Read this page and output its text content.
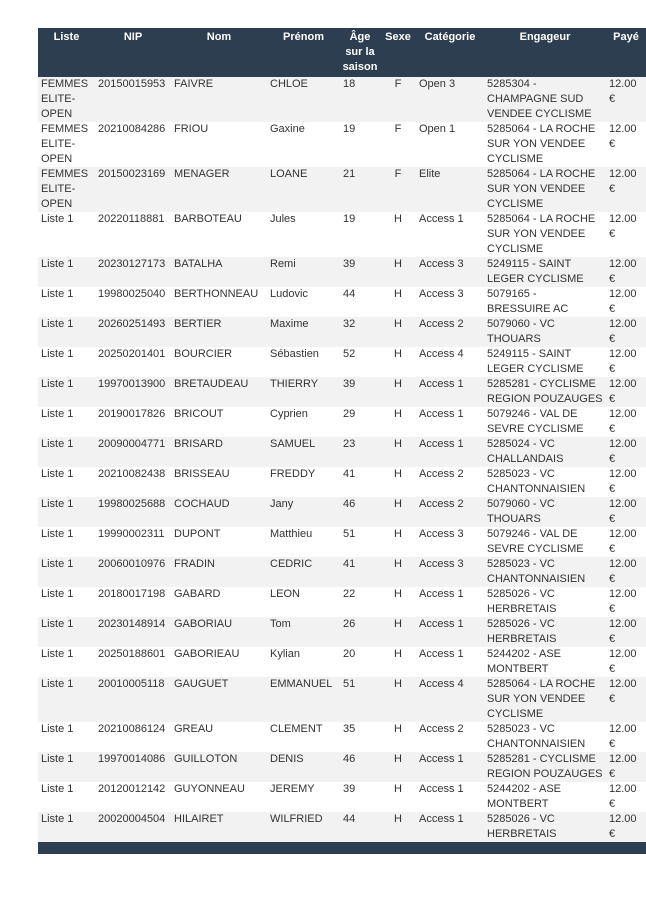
Liste	NIP	Nom	Prénom	Âge sur la saison	Sexe	Catégorie	Engageur	Payé
FEMMES ELITE-OPEN	20150015953	FAIVRE	CHLOE	18	F	Open 3	5285304 - CHAMPAGNE SUD VENDEE CYCLISME	12.00 €
FEMMES ELITE-OPEN	20210084286	FRIOU	Gaxine	19	F	Open 1	5285064 - LA ROCHE SUR YON VENDEE CYCLISME	12.00 €
FEMMES ELITE-OPEN	20150023169	MENAGER	LOANE	21	F	Elite	5285064 - LA ROCHE SUR YON VENDEE CYCLISME	12.00 €
Liste 1	20220118881	BARBOTEAU	Jules	19	H	Access 1	5285064 - LA ROCHE SUR YON VENDEE CYCLISME	12.00 €
Liste 1	20230127173	BATALHA	Remi	39	H	Access 3	5249115 - SAINT LEGER CYCLISME	12.00 €
Liste 1	19980025040	BERTHONNEAU	Ludovic	44	H	Access 3	5079165 - BRESSUIRE AC	12.00 €
Liste 1	20260251493	BERTIER	Maxime	32	H	Access 2	5079060 - VC THOUARS	12.00 €
Liste 1	20250201401	BOURCIER	Sébastien	52	H	Access 4	5249115 - SAINT LEGER CYCLISME	12.00 €
Liste 1	19970013900	BRETAUDEAU	THIERRY	39	H	Access 1	5285281 - CYCLISME REGION POUZAUGES	12.00 €
Liste 1	20190017826	BRICOUT	Cyprien	29	H	Access 1	5079246 - VAL DE SEVRE CYCLISME	12.00 €
Liste 1	20090004771	BRISARD	SAMUEL	23	H	Access 1	5285024 - VC CHALLANDAIS	12.00 €
Liste 1	20210082438	BRISSEAU	FREDDY	41	H	Access 2	5285023 - VC CHANTONNAISIEN	12.00 €
Liste 1	19980025688	COCHAUD	Jany	46	H	Access 2	5079060 - VC THOUARS	12.00 €
Liste 1	19990002311	DUPONT	Matthieu	51	H	Access 3	5079246 - VAL DE SEVRE CYCLISME	12.00 €
Liste 1	20060010976	FRADIN	CEDRIC	41	H	Access 3	5285023 - VC CHANTONNAISIEN	12.00 €
Liste 1	20180017198	GABARD	LEON	22	H	Access 1	5285026 - VC HERBRETAIS	12.00 €
Liste 1	20230148914	GABORIAU	Tom	26	H	Access 1	5285026 - VC HERBRETAIS	12.00 €
Liste 1	20250188601	GABORIEAU	Kylian	20	H	Access 1	5244202 - ASE MONTBERT	12.00 €
Liste 1	20010005118	GAUGUET	EMMANUEL	51	H	Access 4	5285064 - LA ROCHE SUR YON VENDEE CYCLISME	12.00 €
Liste 1	20210086124	GREAU	CLEMENT	35	H	Access 2	5285023 - VC CHANTONNAISIEN	12.00 €
Liste 1	19970014086	GUILLOTON	DENIS	46	H	Access 1	5285281 - CYCLISME REGION POUZAUGES	12.00 €
Liste 1	20120012142	GUYONNEAU	JEREMY	39	H	Access 1	5244202 - ASE MONTBERT	12.00 €
Liste 1	20020004504	HILAIRET	WILFRIED	44	H	Access 1	5285026 - VC HERBRETAIS	12.00 €
